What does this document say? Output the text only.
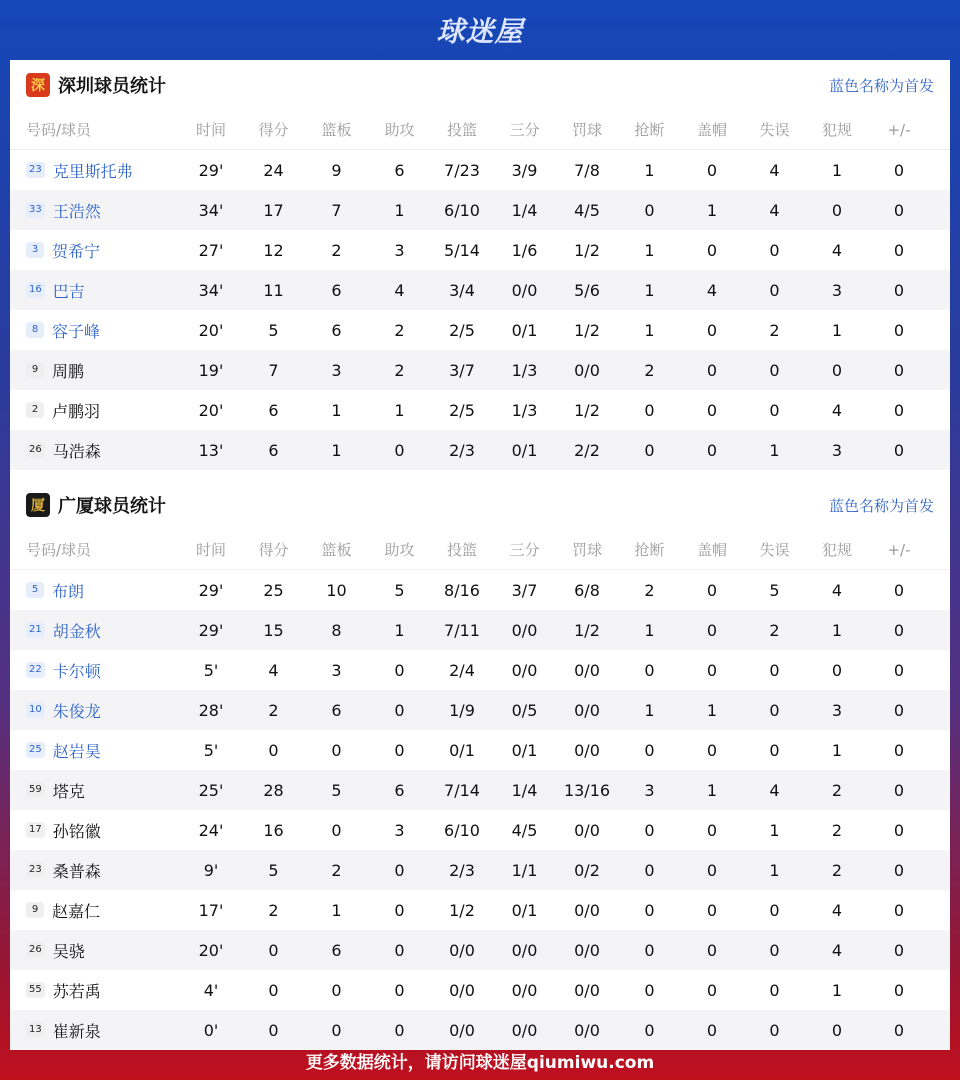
球迷屋
深 深圳球员统计	蓝色名称为首发
号码/球员	时间	得分	篮板	助攻	投篮	三分	罚球	抢断	盖帽	失误	犯规	+/-
23 克里斯托弗	29'	24	9	6	7/23	3/9	7/8	1	0	4	1	0
33 王浩然	34'	17	7	1	6/10	1/4	4/5	0	1	4	0	0
3 贺希宁	27'	12	2	3	5/14	1/6	1/2	1	0	0	4	0
16 巴吉	34'	11	6	4	3/4	0/0	5/6	1	4	0	3	0
8 容子峰	20'	5	6	2	2/5	0/1	1/2	1	0	2	1	0
9 周鹏	19'	7	3	2	3/7	1/3	0/0	2	0	0	0	0
2 卢鹏羽	20'	6	1	1	2/5	1/3	1/2	0	0	0	4	0
26 马浩森	13'	6	1	0	2/3	0/1	2/2	0	0	1	3	0
厦 广厦球员统计	蓝色名称为首发
号码/球员	时间	得分	篮板	助攻	投篮	三分	罚球	抢断	盖帽	失误	犯规	+/-
5 布朗	29'	25	10	5	8/16	3/7	6/8	2	0	5	4	0
21 胡金秋	29'	15	8	1	7/11	0/0	1/2	1	0	2	1	0
22 卡尔顿	5'	4	3	0	2/4	0/0	0/0	0	0	0	0	0
10 朱俊龙	28'	2	6	0	1/9	0/5	0/0	1	1	0	3	0
25 赵岩昊	5'	0	0	0	0/1	0/1	0/0	0	0	0	1	0
59 塔克	25'	28	5	6	7/14	1/4	13/16	3	1	4	2	0
17 孙铭徽	24'	16	0	3	6/10	4/5	0/0	0	0	1	2	0
23 桑普森	9'	5	2	0	2/3	1/1	0/2	0	0	1	2	0
9 赵嘉仁	17'	2	1	0	1/2	0/1	0/0	0	0	0	4	0
26 吴骁	20'	0	6	0	0/0	0/0	0/0	0	0	0	4	0
55 苏若禹	4'	0	0	0	0/0	0/0	0/0	0	0	0	1	0
13 崔新泉	0'	0	0	0	0/0	0/0	0/0	0	0	0	0	0
更多数据统计，请访问球迷屋qiumiwu.com
